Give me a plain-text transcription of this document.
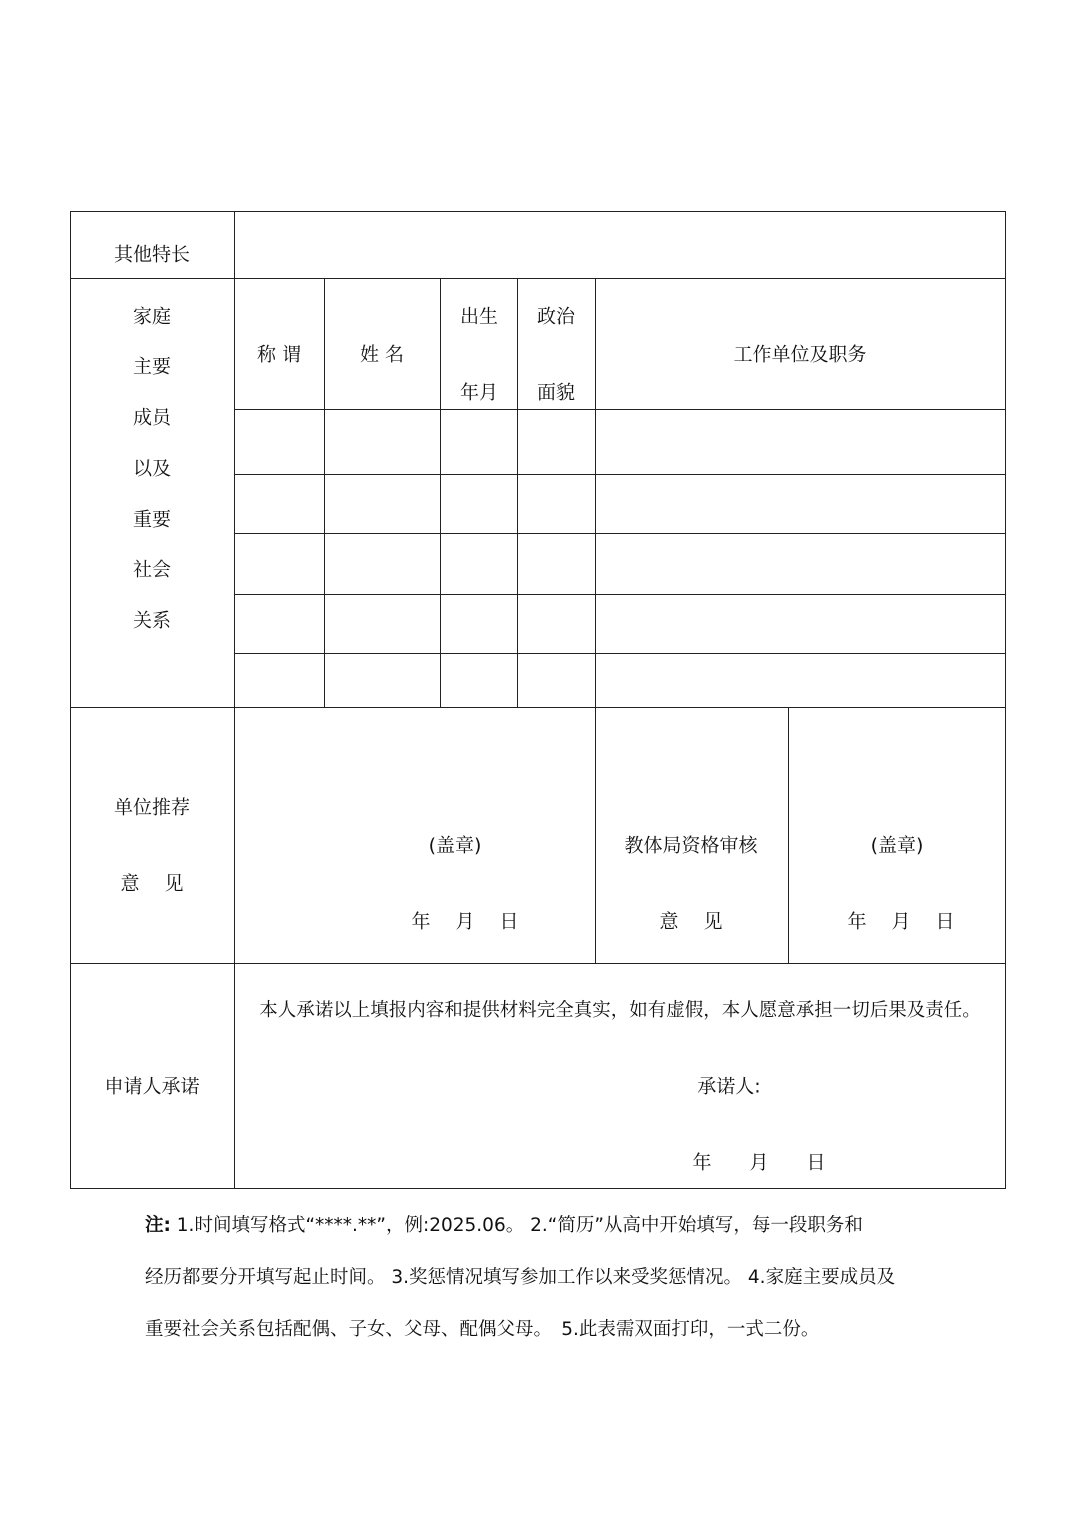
其他特长
家庭
主要
成员
以及
重要
社会
关系
称 谓	姓 名
出生
年月
政治
面貌
工作单位及职务
单位推荐
意　 见
(盖章)
年　 月　 日
教体局资格审核
意　 见
(盖章)
年　 月　 日
申请人承诺
本人承诺以上填报内容和提供材料完全真实，如有虚假，本人愿意承担一切后果及责任。
承诺人:
年　　月　　日
注: 1.时间填写格式“****.**”，例:2025.06。 2.“简历”从高中开始填写，每一段职务和
经历都要分开填写起止时间。 3.奖惩情况填写参加工作以来受奖惩情况。 4.家庭主要成员及
重要社会关系包括配偶、子女、父母、配偶父母。　5.此表需双面打印，一式二份。
